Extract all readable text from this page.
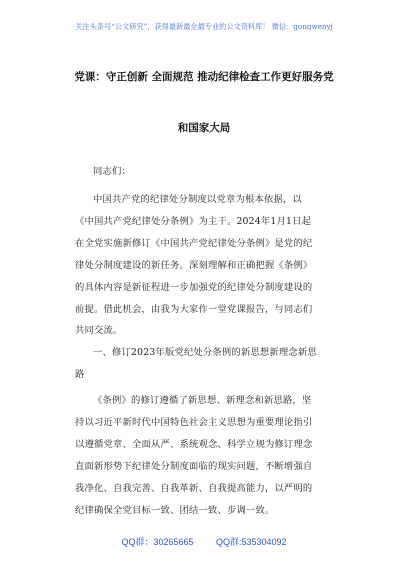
关注头条号“公文研究”，获得最新最全最专业的公文资料库！ 微信：gongwenyj
党课：守正创新 全面规范 推动纪律检查工作更好服务党
和国家大局
同志们：
中国共产党的纪律处分制度以党章为根本依据，以
《中国共产党纪律处分条例》为主干。2024年1月1日起
在全党实施新修订《中国共产党纪律处分条例》是党的纪
律处分制度建设的新任务。深刻理解和正确把握《条例》
的具体内容是新征程进一步加强党的纪律处分制度建设的
前提。借此机会，由我为大家作一堂党课报告，与同志们
共同交流。
一、修订2023年版党纪处分条例的新思想新理念新思
路
《条例》的修订遵循了新思想、新理念和新思路，坚
持以习近平新时代中国特色社会主义思想为重要理论指引
以遵循党章、全面从严、系统观念、科学立规为修订理念
直面新形势下纪律处分制度面临的现实问题，不断增强自
我净化、自我完善、自我革新、自我提高能力，以严明的
纪律确保全党目标一致、团结一致、步调一致。
QQ群：30265665	QQ群:535304092
